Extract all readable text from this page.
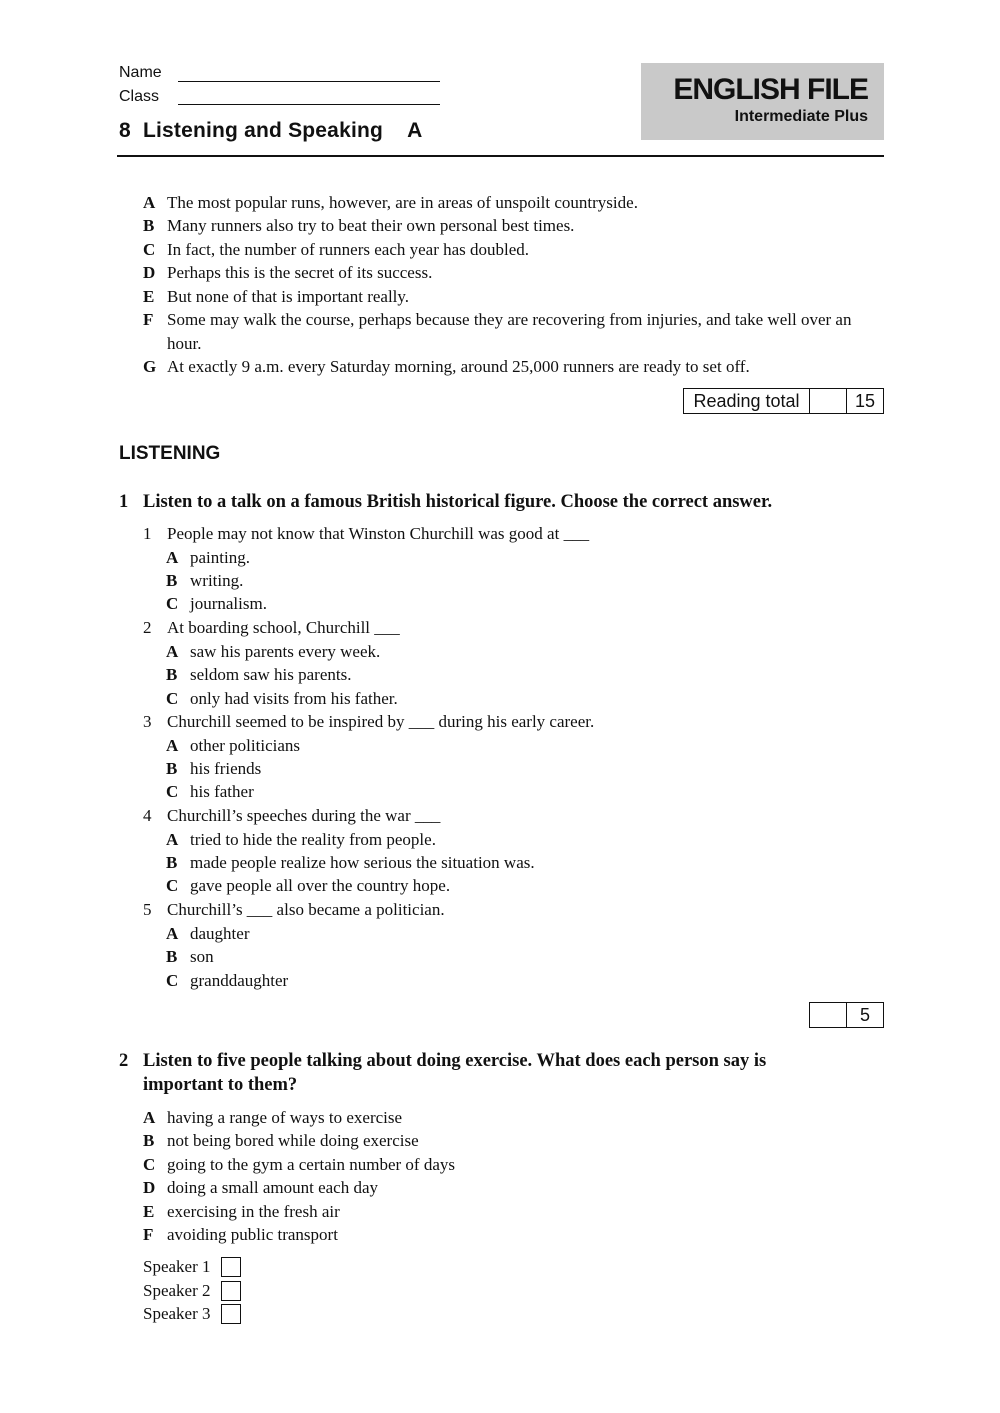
Name
Class
8 Listening and Speaking A
ENGLISH FILE
Intermediate Plus
A The most popular runs, however, are in areas of unspoilt countryside.
B Many runners also try to beat their own personal best times.
C In fact, the number of runners each year has doubled.
D Perhaps this is the secret of its success.
E But none of that is important really.
F Some may walk the course, perhaps because they are recovering from injuries, and take well over an hour.
G At exactly 9 a.m. every Saturday morning, around 25,000 runners are ready to set off.
Reading total	15
LISTENING
1 Listen to a talk on a famous British historical figure. Choose the correct answer.
1 People may not know that Winston Churchill was good at ___
A painting.
B writing.
C journalism.
2 At boarding school, Churchill ___
A saw his parents every week.
B seldom saw his parents.
C only had visits from his father.
3 Churchill seemed to be inspired by ___ during his early career.
A other politicians
B his friends
C his father
4 Churchill’s speeches during the war ___
A tried to hide the reality from people.
B made people realize how serious the situation was.
C gave people all over the country hope.
5 Churchill’s ___ also became a politician.
A daughter
B son
C granddaughter
5
2 Listen to five people talking about doing exercise. What does each person say is important to them?
A having a range of ways to exercise
B not being bored while doing exercise
C going to the gym a certain number of days
D doing a small amount each day
E exercising in the fresh air
F avoiding public transport
Speaker 1
Speaker 2
Speaker 3
